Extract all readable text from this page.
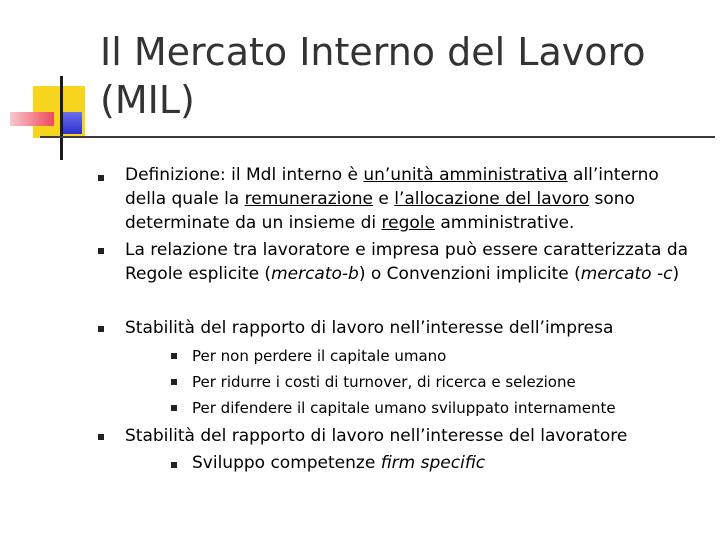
Il Mercato Interno del Lavoro (MIL)
Definizione: il Mdl interno è un’unità amministrativa all’interno della quale la remunerazione e l’allocazione del lavoro sono determinate da un insieme di regole amministrative.
La relazione tra lavoratore e impresa può essere caratterizzata da Regole esplicite (mercato-b) o Convenzioni implicite (mercato -c)
Stabilità del rapporto di lavoro nell’interesse dell’impresa
Per non perdere il capitale umano
Per ridurre i costi di turnover, di ricerca e selezione
Per difendere il capitale umano sviluppato internamente
Stabilità del rapporto di lavoro nell’interesse del lavoratore
Sviluppo competenze firm specific
